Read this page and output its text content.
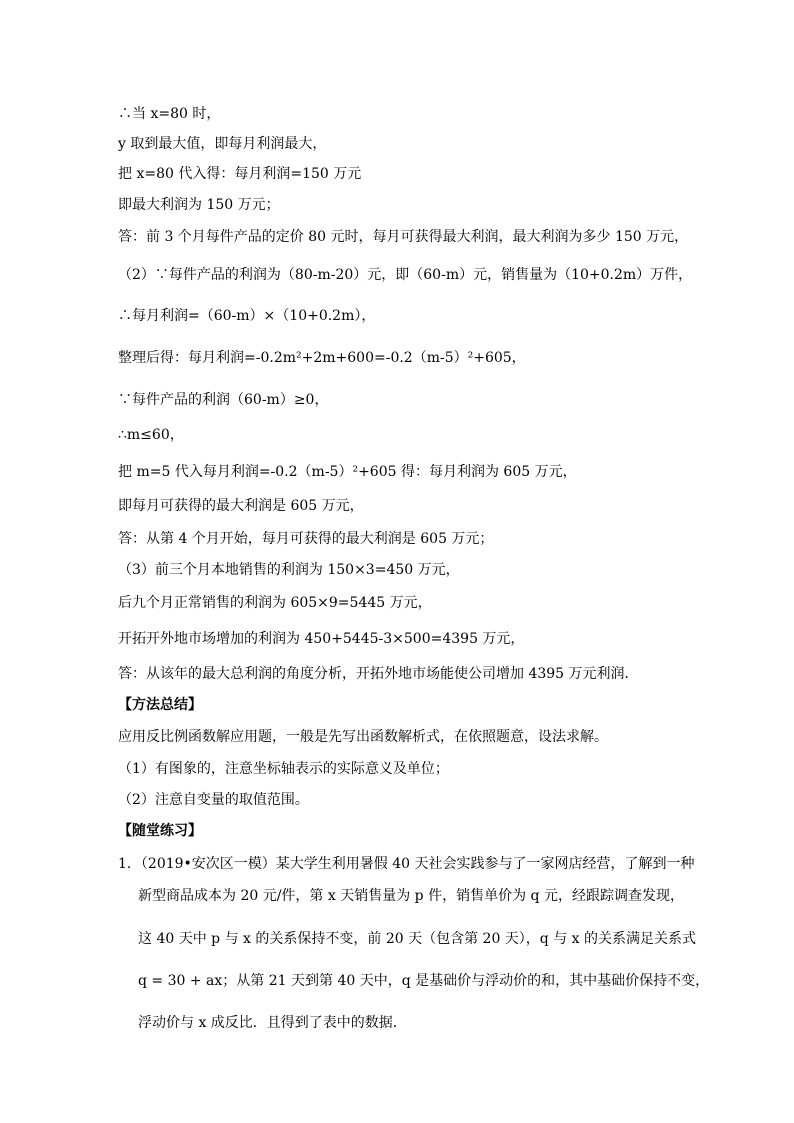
∴当 x=80 时，
y 取到最大值，即每月利润最大，
把 x=80 代入得：每月利润=150 万元
即最大利润为 150 万元；
答：前 3 个月每件产品的定价 80 元时，每月可获得最大利润，最大利润为多少 150 万元，
（2）∵每件产品的利润为（80-m-20）元，即（60-m）元，销售量为（10+0.2m）万件，
∴每月利润=（60-m）×（10+0.2m），
整理后得：每月利润=-0.2m²+2m+600=-0.2（m-5）²+605，
∵每件产品的利润（60-m）≥0，
∴m≤60，
把 m=5 代入每月利润=-0.2（m-5）²+605 得：每月利润为 605 万元，
即每月可获得的最大利润是 605 万元，
答：从第 4 个月开始，每月可获得的最大利润是 605 万元；
（3）前三个月本地销售的利润为 150×3=450 万元，
后九个月正常销售的利润为 605×9=5445 万元，
开拓开外地市场增加的利润为 450+5445-3×500=4395 万元，
答：从该年的最大总利润的角度分析，开拓外地市场能使公司增加 4395 万元利润．
【方法总结】
应用反比例函数解应用题，一般是先写出函数解析式，在依照题意，设法求解。
（1）有图象的，注意坐标轴表示的实际意义及单位；
（2）注意自变量的取值范围。
【随堂练习】
1．（2019•安次区一模）某大学生利用暑假 40 天社会实践参与了一家网店经营，了解到一种
新型商品成本为 20 元/件，第 x 天销售量为 p 件，销售单价为 q 元，经跟踪调查发现，
这 40 天中 p 与 x 的关系保持不变，前 20 天（包含第 20 天），q 与 x 的关系满足关系式
q = 30 + ax；从第 21 天到第 40 天中，q 是基础价与浮动价的和，其中基础价保持不变，
浮动价与 x 成反比．且得到了表中的数据．
